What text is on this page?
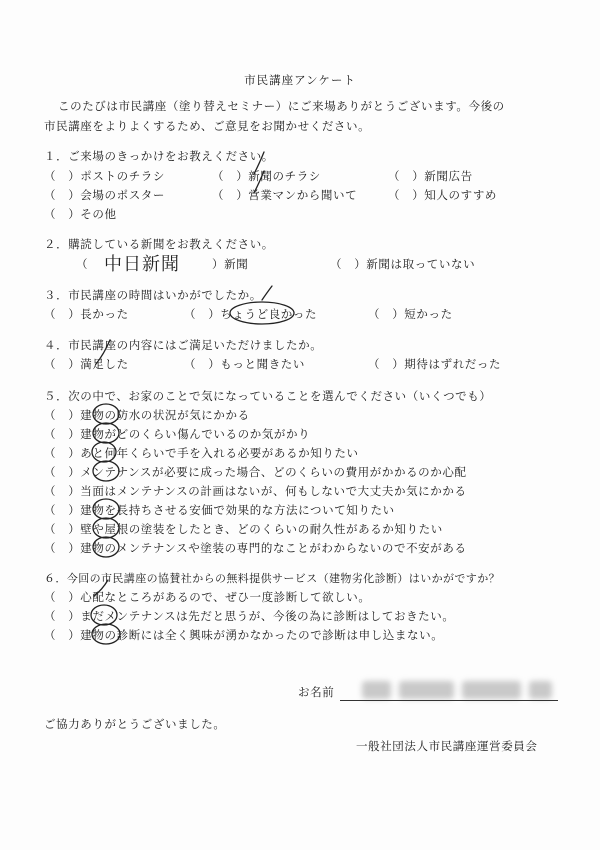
市民講座アンケート
このたびは市民講座（塗り替えセミナー）にご来場ありがとうございます。今後の
市民講座をよりよくするため、ご意見をお聞かせください。
１．ご来場のきっかけをお教えください。
（　）ポストのチラシ	（　）新聞のチラシ	（　）新聞広告
（　）会場のポスター	（　）営業マンから聞いて	（　）知人のすすめ
（　）その他
２．購読している新聞をお教えください。
（ 中日新聞	）新聞	（　）新聞は取っていない
３．市民講座の時間はいかがでしたか。
（　）長かった	（　）ちょうど良かった	（　）短かった
４．市民講座の内容にはご満足いただけましたか。
（　）満足した	（　）もっと聞きたい	（　）期待はずれだった
５．次の中で、お家のことで気になっていることを選んでください（いくつでも）
（　）建物の防水の状況が気にかかる
（　）建物がどのくらい傷んでいるのか気がかり
（　）あと何年くらいで手を入れる必要があるか知りたい
（　）メンテナンスが必要に成った場合、どのくらいの費用がかかるのか心配
（　）当面はメンテナンスの計画はないが、何もしないで大丈夫か気にかかる
（　）建物を長持ちさせる安価で効果的な方法について知りたい
（　）壁や屋根の塗装をしたとき、どのくらいの耐久性があるか知りたい
（　）建物のメンテナンスや塗装の専門的なことがわからないので不安がある
６．今回の市民講座の協賛社からの無料提供サービス（建物劣化診断）はいかがですか？
（　）心配なところがあるので、ぜひ一度診断して欲しい。
（　）まだメンテナンスは先だと思うが、今後の為に診断はしておきたい。
（　）建物の診断には全く興味が湧かなかったので診断は申し込まない。
お名前
ご協力ありがとうございました。
一般社団法人市民講座運営委員会
